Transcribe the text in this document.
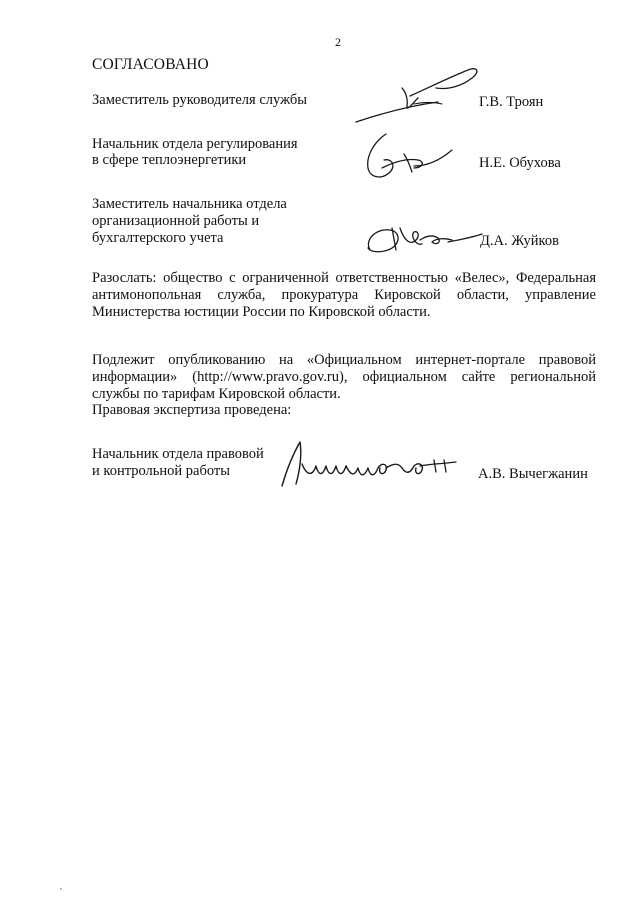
2
СОГЛАСОВАНО
Заместитель руководителя службы	Г.В. Троян
Начальник отдела регулирования
в сфере теплоэнергетики	Н.Е. Обухова
Заместитель начальника отдела
организационной работы и
бухгалтерского учета	Д.А. Жуйков
Разослать: общество с ограниченной ответственностью «Велес», Федеральная антимонопольная служба, прокуратура Кировской области, управление Министерства юстиции России по Кировской области.
Подлежит опубликованию на «Официальном интернет-портале правовой информации» (http://www.pravo.gov.ru), официальном сайте региональной службы по тарифам Кировской области.
Правовая экспертиза проведена:
Начальник отдела правовой
и контрольной работы	А.В. Вычегжанин
